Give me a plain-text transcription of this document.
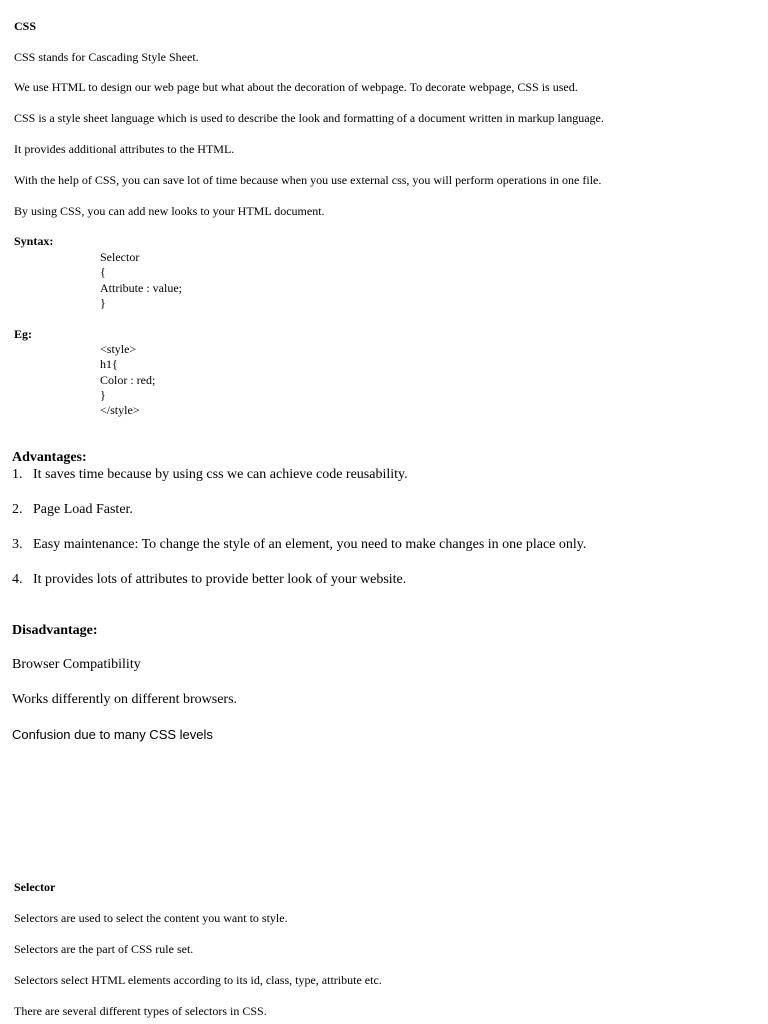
CSS
CSS stands for Cascading Style Sheet.
We use HTML to design our web page but what about the decoration of webpage. To decorate webpage, CSS is used.
CSS is a style sheet language which is used to describe the look and formatting of a document written in markup language.
It provides additional attributes to the HTML.
With the help of CSS, you can save lot of time because when you use external css, you will perform operations in one file.
By using CSS, you can add new looks to your HTML document.
Syntax:
Selector
{
Attribute : value;
}
Eg:
<style>
h1{
Color : red;
}
</style>
Advantages:
1. It saves time because by using css we can achieve code reusability.
2. Page Load Faster.
3. Easy maintenance: To change the style of an element, you need to make changes in one place only.
4. It provides lots of attributes to provide better look of your website.
Disadvantage:
Browser Compatibility
Works differently on different browsers.
Confusion due to many CSS levels
Selector
Selectors are used to select the content you want to style.
Selectors are the part of CSS rule set.
Selectors select HTML elements according to its id, class, type, attribute etc.
There are several different types of selectors in CSS.
